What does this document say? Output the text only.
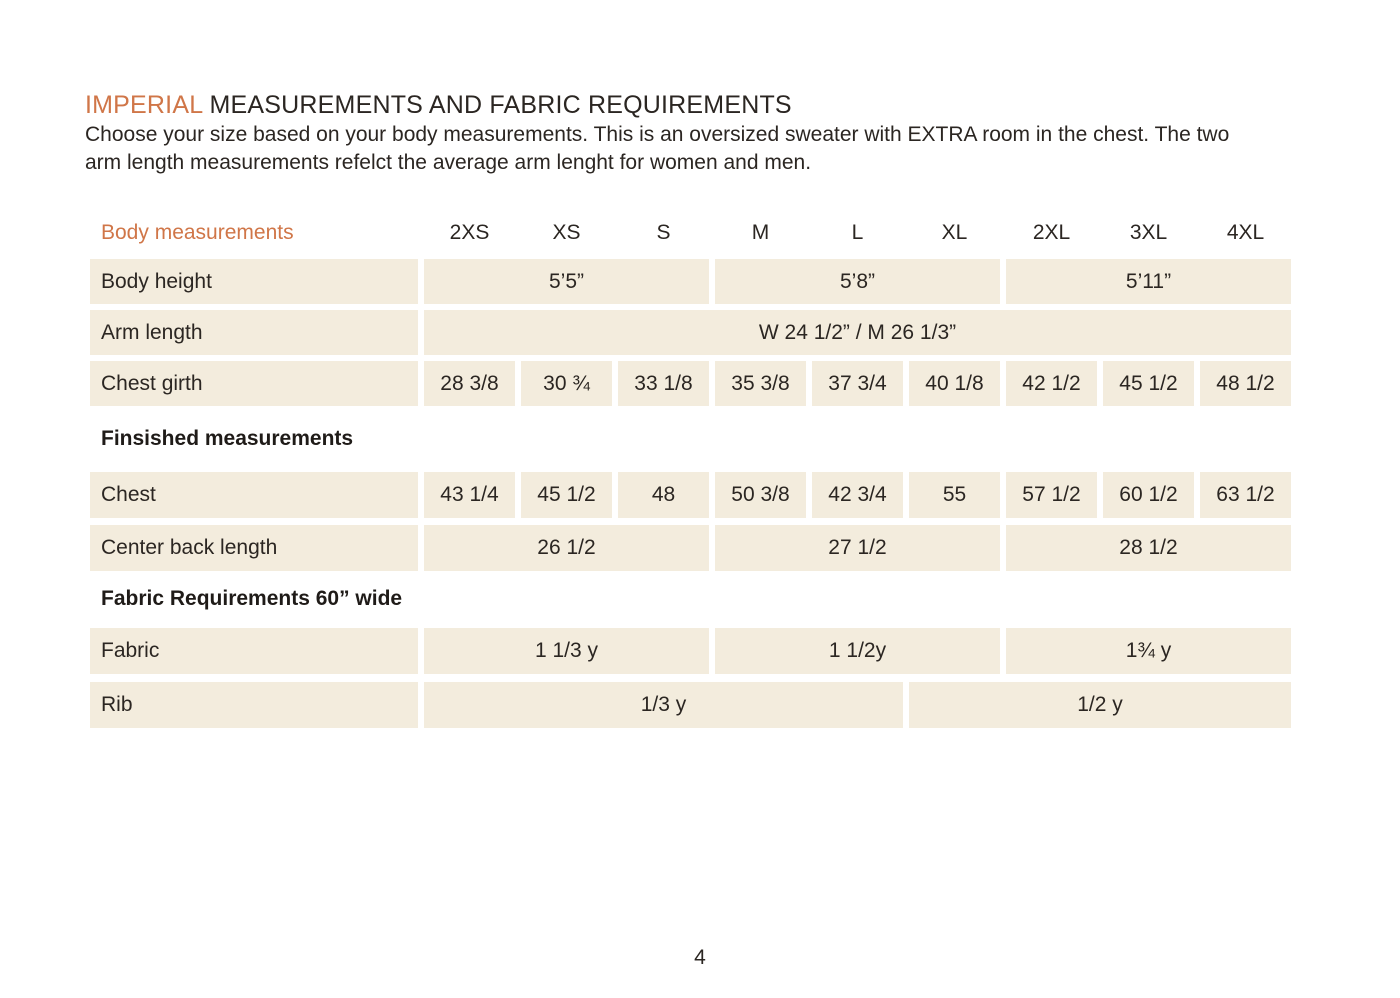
IMPERIAL MEASUREMENTS AND FABRIC REQUIREMENTS
Choose your size based on your body measurements. This is an oversized sweater with EXTRA room in the chest. The two
arm length measurements refelct the average arm lenght for women and men.
Body measurements	2XS	XS	S	M	L	XL	2XL	3XL	4XL
Body height	5’5”	5’8”	5’11”
Arm length	W 24 1/2” / M 26 1/3”
Chest girth	28 3/8	30 ¾	33 1/8	35 3/8	37 3/4	40 1/8	42 1/2	45 1/2	48 1/2
Finsished measurements
Chest	43 1/4	45 1/2	48	50 3/8	42 3/4	55	57 1/2	60 1/2	63 1/2
Center back length	26 1/2	27 1/2	28 1/2
Fabric Requirements 60” wide
Fabric	1 1/3 y	1 1/2y	1¾ y
Rib	1/3 y	1/2 y
4
